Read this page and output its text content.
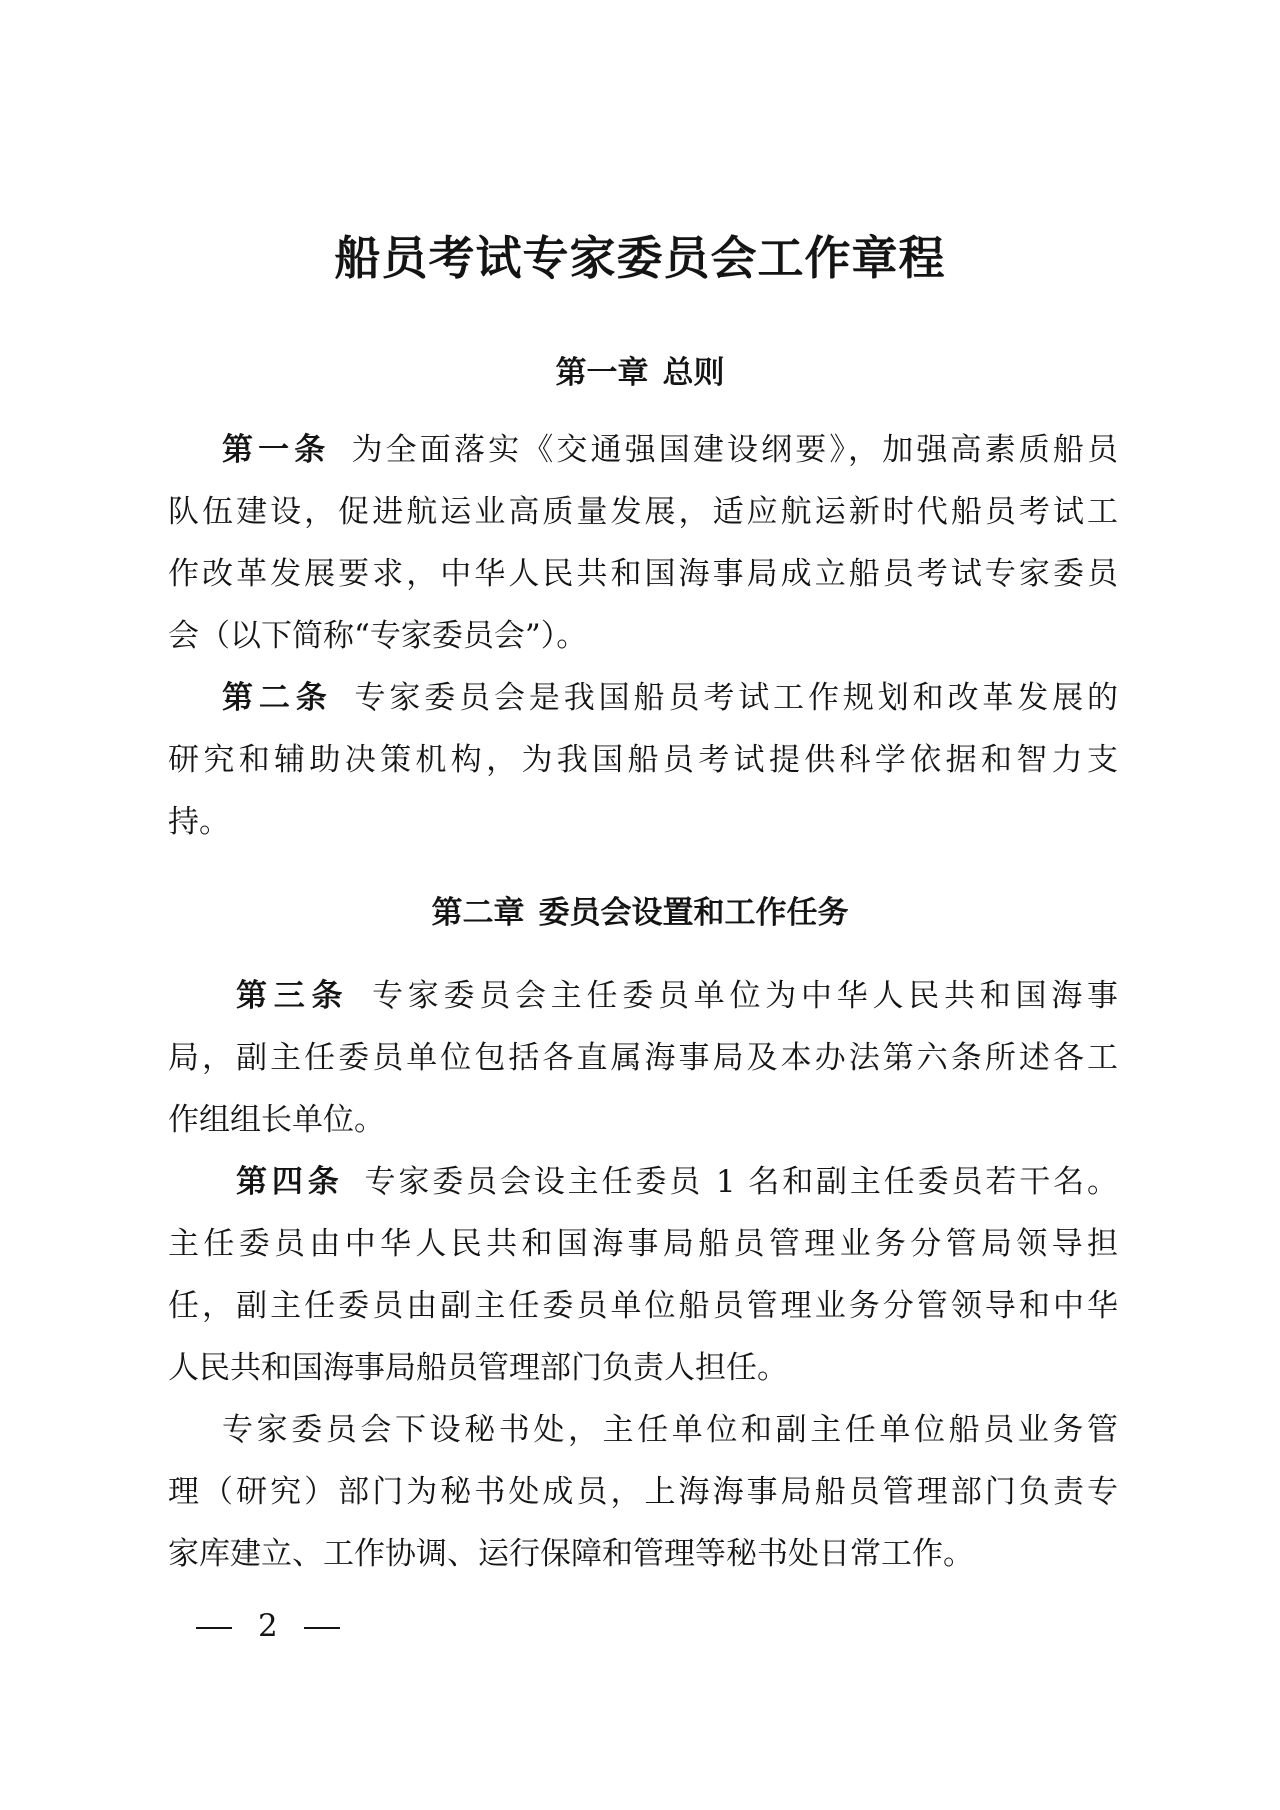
船员考试专家委员会工作章程
第一章 总则
第一条 为全面落实《交通强国建设纲要》，加强高素质船员
队伍建设，促进航运业高质量发展，适应航运新时代船员考试工
作改革发展要求，中华人民共和国海事局成立船员考试专家委员
会（以下简称“专家委员会”）。
第二条 专家委员会是我国船员考试工作规划和改革发展的
研究和辅助决策机构，为我国船员考试提供科学依据和智力支
持。
第二章 委员会设置和工作任务
第三条 专家委员会主任委员单位为中华人民共和国海事
局，副主任委员单位包括各直属海事局及本办法第六条所述各工
作组组长单位。
第四条 专家委员会设主任委员 1 名和副主任委员若干名。
主任委员由中华人民共和国海事局船员管理业务分管局领导担
任，副主任委员由副主任委员单位船员管理业务分管领导和中华
人民共和国海事局船员管理部门负责人担任。
专家委员会下设秘书处，主任单位和副主任单位船员业务管
理（研究）部门为秘书处成员，上海海事局船员管理部门负责专
家库建立、工作协调、运行保障和管理等秘书处日常工作。
2
